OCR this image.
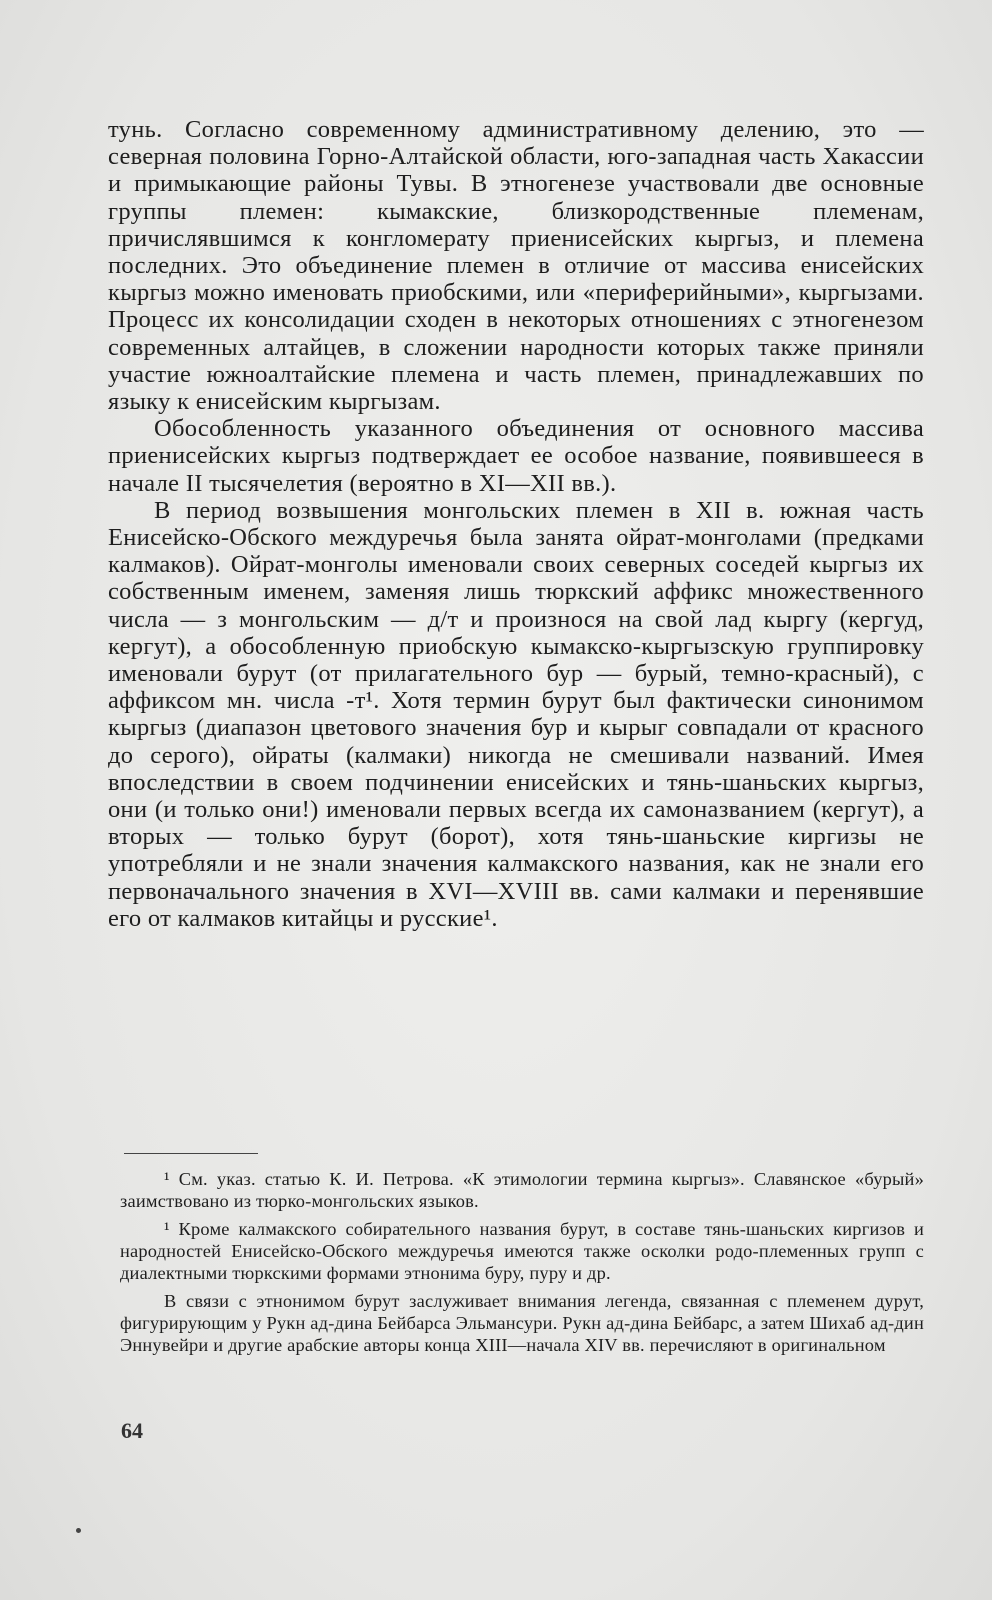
тунь. Согласно современному административному делению, это — северная половина Горно-Алтайской области, юго-западная часть Хакассии и примыкающие районы Тувы. В этногенезе участвовали две основные группы племен: кымакские, близкородственные племенам, причислявшимся к конгломерату приенисейских кыргыз, и племена последних. Это объединение племен в отличие от массива енисейских кыргыз можно именовать приобскими, или «периферийными», кыргызами. Процесс их консолидации сходен в некоторых отношениях с этногенезом современных алтайцев, в сложении народности которых также приняли участие южноалтайские племена и часть племен, принадлежавших по языку к енисейским кыргызам.

Обособленность указанного объединения от основного массива приенисейских кыргыз подтверждает ее особое название, появившееся в начале II тысячелетия (вероятно в XI—XII вв.).

В период возвышения монгольских племен в XII в. южная часть Енисейско-Обского междуречья была занята ойрат-монголами (предками калмаков). Ойрат-монголы именовали своих северных соседей кыргыз их собственным именем, заменяя лишь тюркский аффикс множественного числа — з монгольским — д/т и произнося на свой лад кыргу (кергуд, кергут), а обособленную приобскую кымакско-кыргызскую группировку именовали бурут (от прилагательного бур — бурый, темно-красный), с аффиксом мн. числа -т¹. Хотя термин бурут был фактически синонимом кыргыз (диапазон цветового значения бур и кырыг совпадали от красного до серого), ойраты (калмаки) никогда не смешивали названий. Имея впоследствии в своем подчинении енисейских и тянь-шаньских кыргыз, они (и только они!) именовали первых всегда их самоназванием (кергут), а вторых — только бурут (борот), хотя тянь-шаньские киргизы не употребляли и не знали значения калмакского названия, как не знали его первоначального значения в XVI—XVIII вв. сами калмаки и перенявшие его от калмаков китайцы и русские¹.

¹ См. указ. статью К. И. Петрова. «К этимологии термина кыргыз». Славянское «бурый» заимствовано из тюрко-монгольских языков.

¹ Кроме калмакского собирательного названия бурут, в составе тянь-шаньских киргизов и народностей Енисейско-Обского междуречья имеются также осколки родо-племенных групп с диалектными тюркскими формами этнонима буру, пуру и др.

В связи с этнонимом бурут заслуживает внимания легенда, связанная с племенем дурут, фигурирующим у Рукн ад-дина Бейбарса Эльмансури. Рукн ад-дина Бейбарс, а затем Шихаб ад-дин Эннувейри и другие арабские авторы конца XIII—начала XIV вв. перечисляют в оригинальном

64
